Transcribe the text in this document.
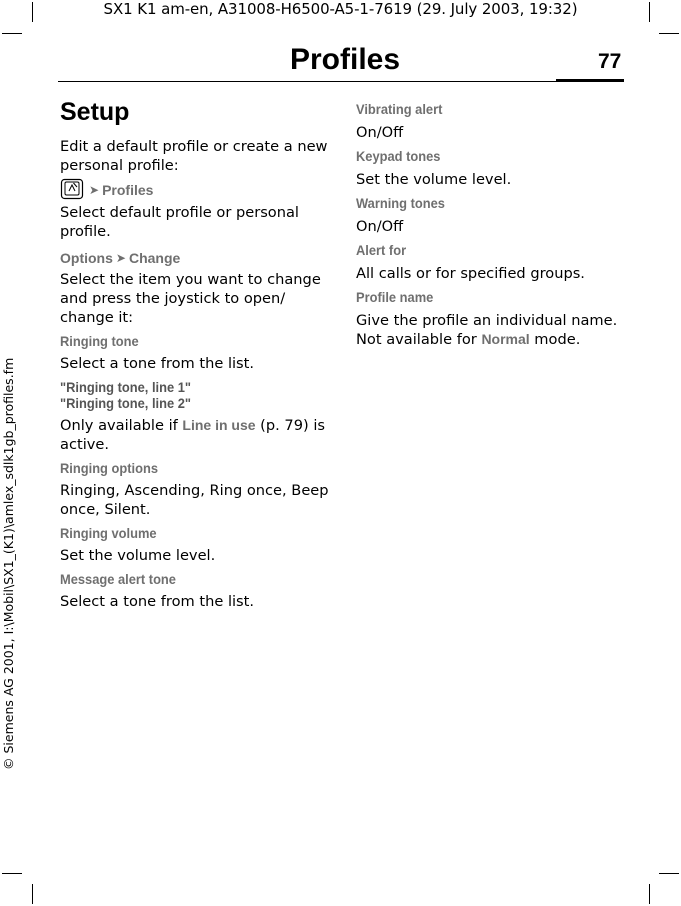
SX1 K1 am-en, A31008-H6500-A5-1-7619 (29. July 2003, 19:32)
Profiles	77
© Siemens AG 2001, I:\Mobil\SX1_(K1)\amlex_sdlk1gb_profiles.fm
Setup

Edit a default profile or create a new personal profile:

➤ Profiles

Select default profile or personal profile.

Options ➤ Change

Select the item you want to change and press the joystick to open/ change it:

Ringing tone

Select a tone from the list.

"Ringing tone, line 1"

"Ringing tone, line 2"

Only available if Line in use (p. 79) is active.

Ringing options

Ringing, Ascending, Ring once, Beep once, Silent.

Ringing volume

Set the volume level.

Message alert tone

Select a tone from the list.

Vibrating alert

On/Off

Keypad tones

Set the volume level.

Warning tones

On/Off

Alert for

All calls or for specified groups.

Profile name

Give the profile an individual name. Not available for Normal mode.
